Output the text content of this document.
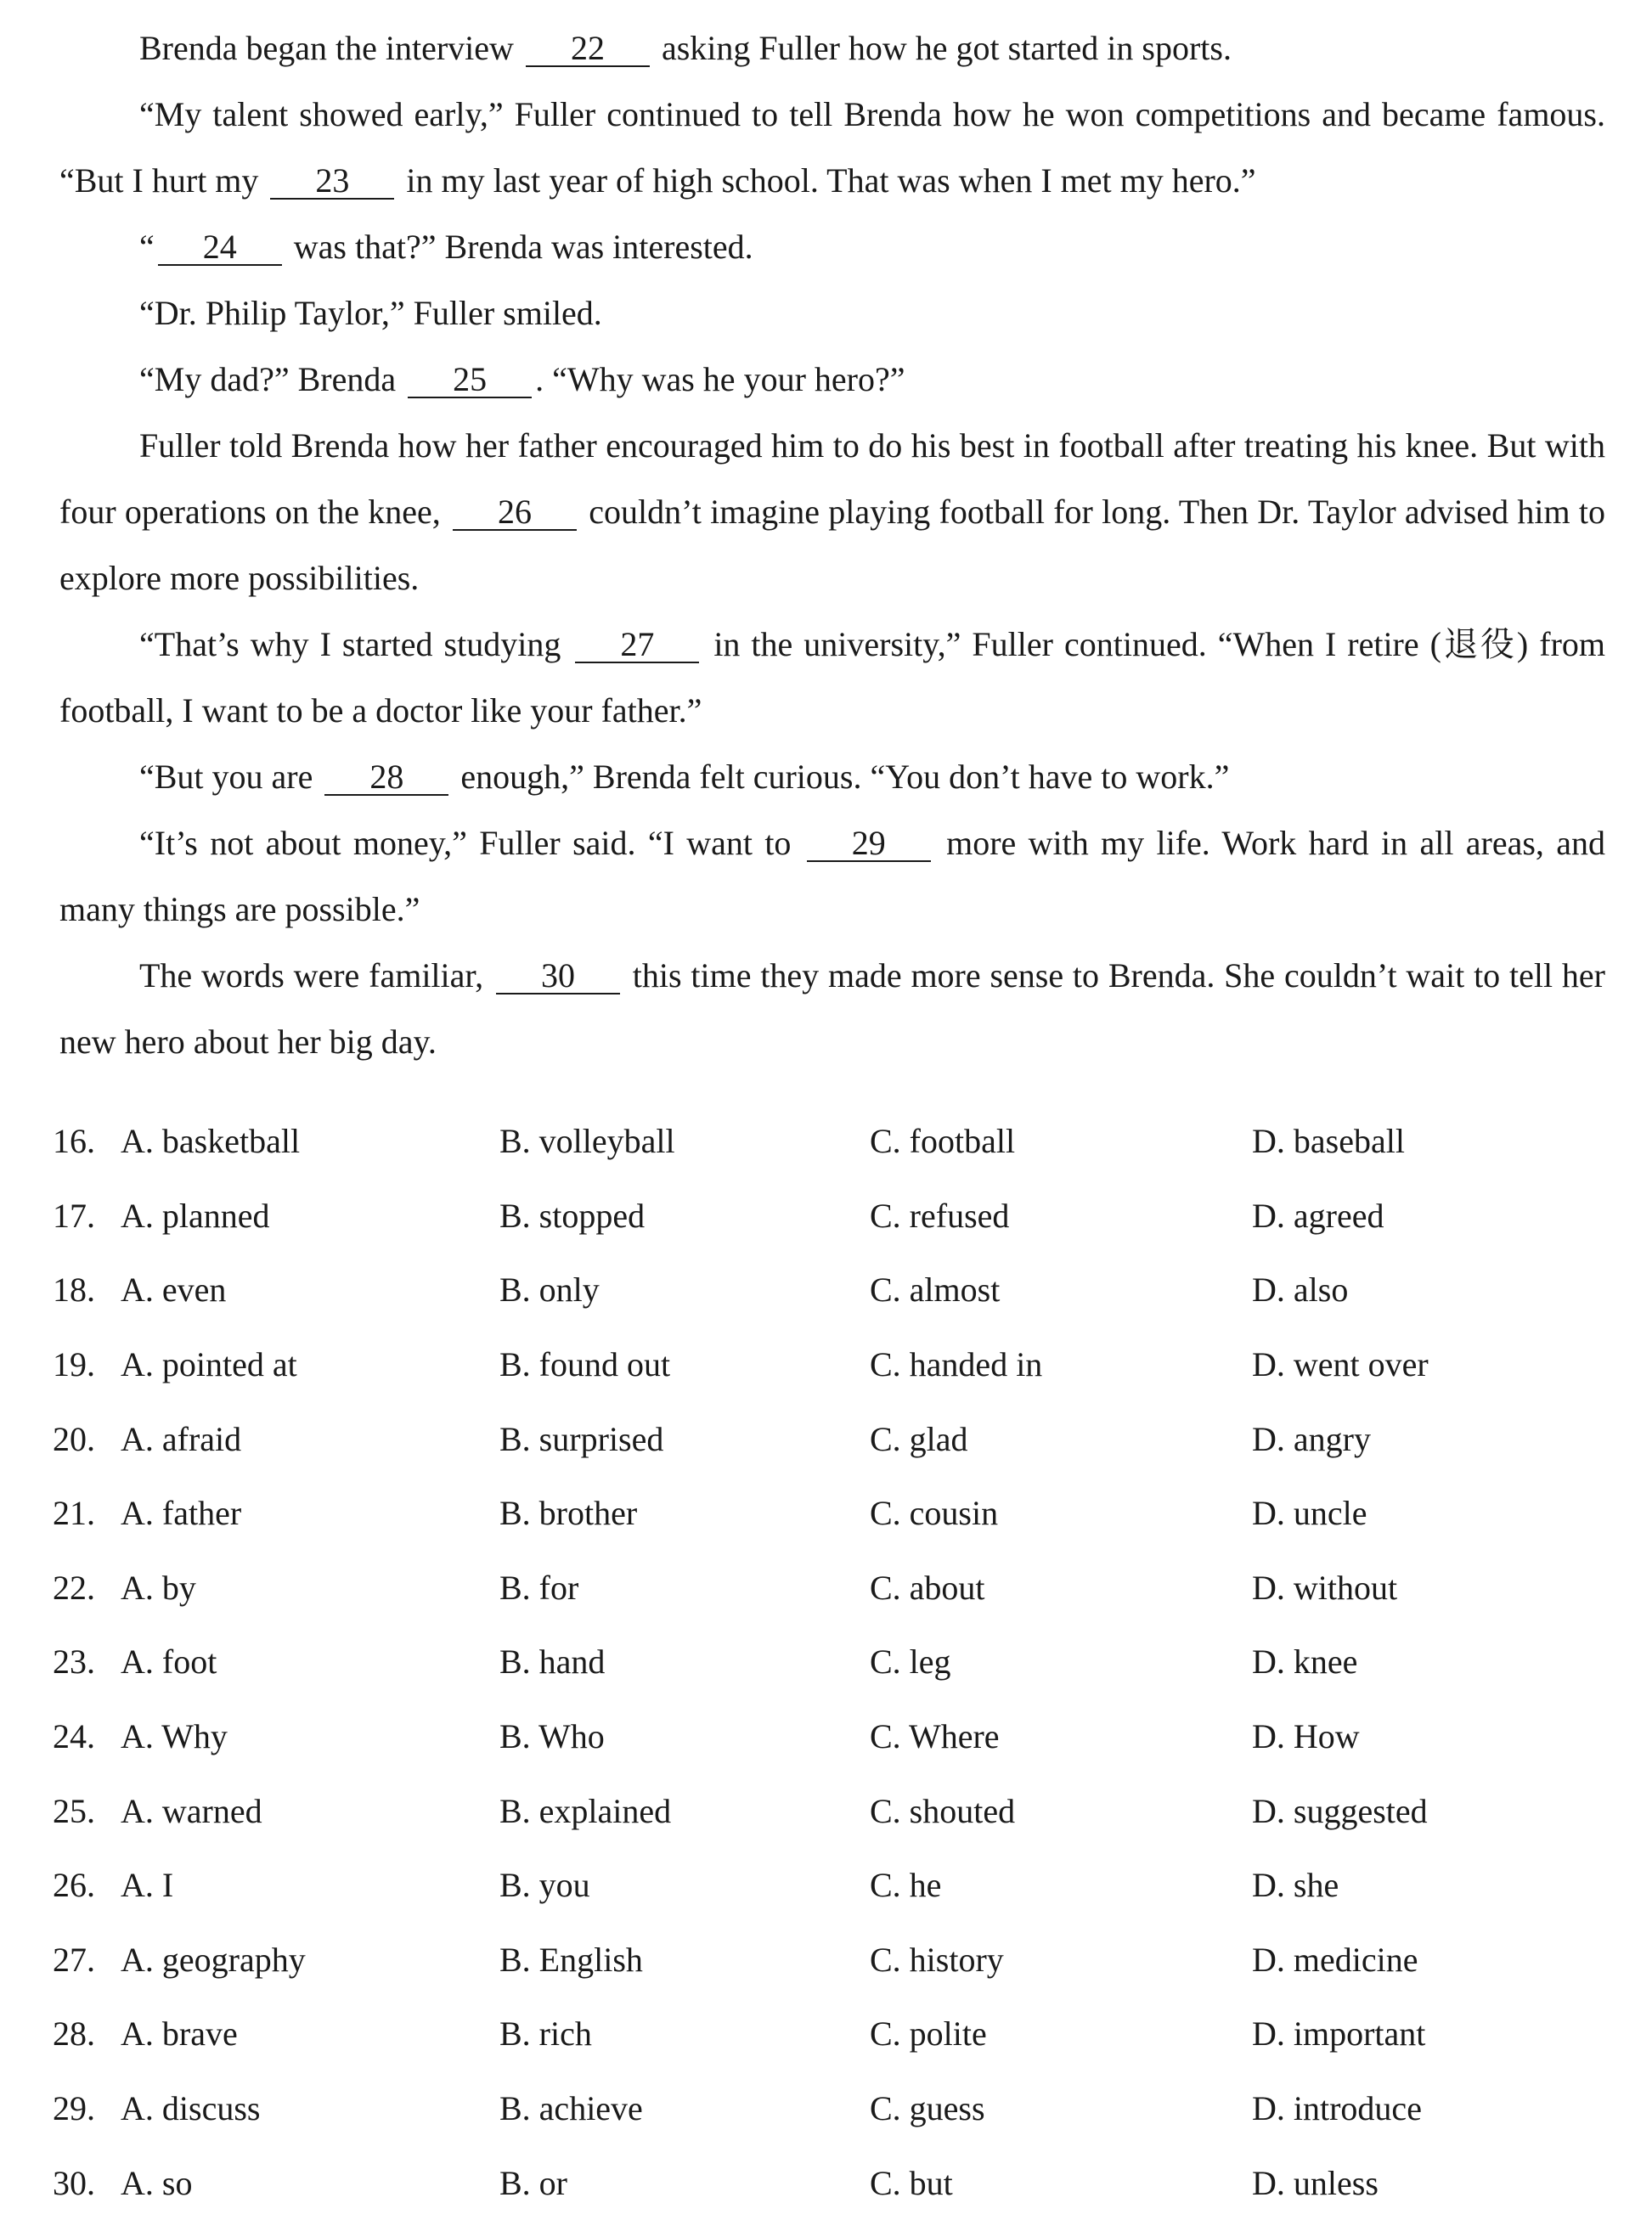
Brenda began the interview 22 asking Fuller how he got started in sports.

“My talent showed early,” Fuller continued to tell Brenda how he won competitions and became famous. “But I hurt my 23 in my last year of high school. That was when I met my hero.”

“ 24 was that?” Brenda was interested.

“Dr. Philip Taylor,” Fuller smiled.

“My dad?” Brenda 25 . “Why was he your hero?”

Fuller told Brenda how her father encouraged him to do his best in football after treating his knee. But with four operations on the knee, 26 couldn’t imagine playing football for long. Then Dr. Taylor advised him to explore more possibilities.

“That’s why I started studying 27 in the university,” Fuller continued. “When I retire (退役) from football, I want to be a doctor like your father.”

“But you are 28 enough,” Brenda felt curious. “You don’t have to work.”

“It’s not about money,” Fuller said. “I want to 29 more with my life. Work hard in all areas, and many things are possible.”

The words were familiar, 30 this time they made more sense to Brenda. She couldn’t wait to tell her new hero about her big day.

16. A. basketball	B. volleyball	C. football	D. baseball
17. A. planned	B. stopped	C. refused	D. agreed
18. A. even	B. only	C. almost	D. also
19. A. pointed at	B. found out	C. handed in	D. went over
20. A. afraid	B. surprised	C. glad	D. angry
21. A. father	B. brother	C. cousin	D. uncle
22. A. by	B. for	C. about	D. without
23. A. foot	B. hand	C. leg	D. knee
24. A. Why	B. Who	C. Where	D. How
25. A. warned	B. explained	C. shouted	D. suggested
26. A. I	B. you	C. he	D. she
27. A. geography	B. English	C. history	D. medicine
28. A. brave	B. rich	C. polite	D. important
29. A. discuss	B. achieve	C. guess	D. introduce
30. A. so	B. or	C. but	D. unless
